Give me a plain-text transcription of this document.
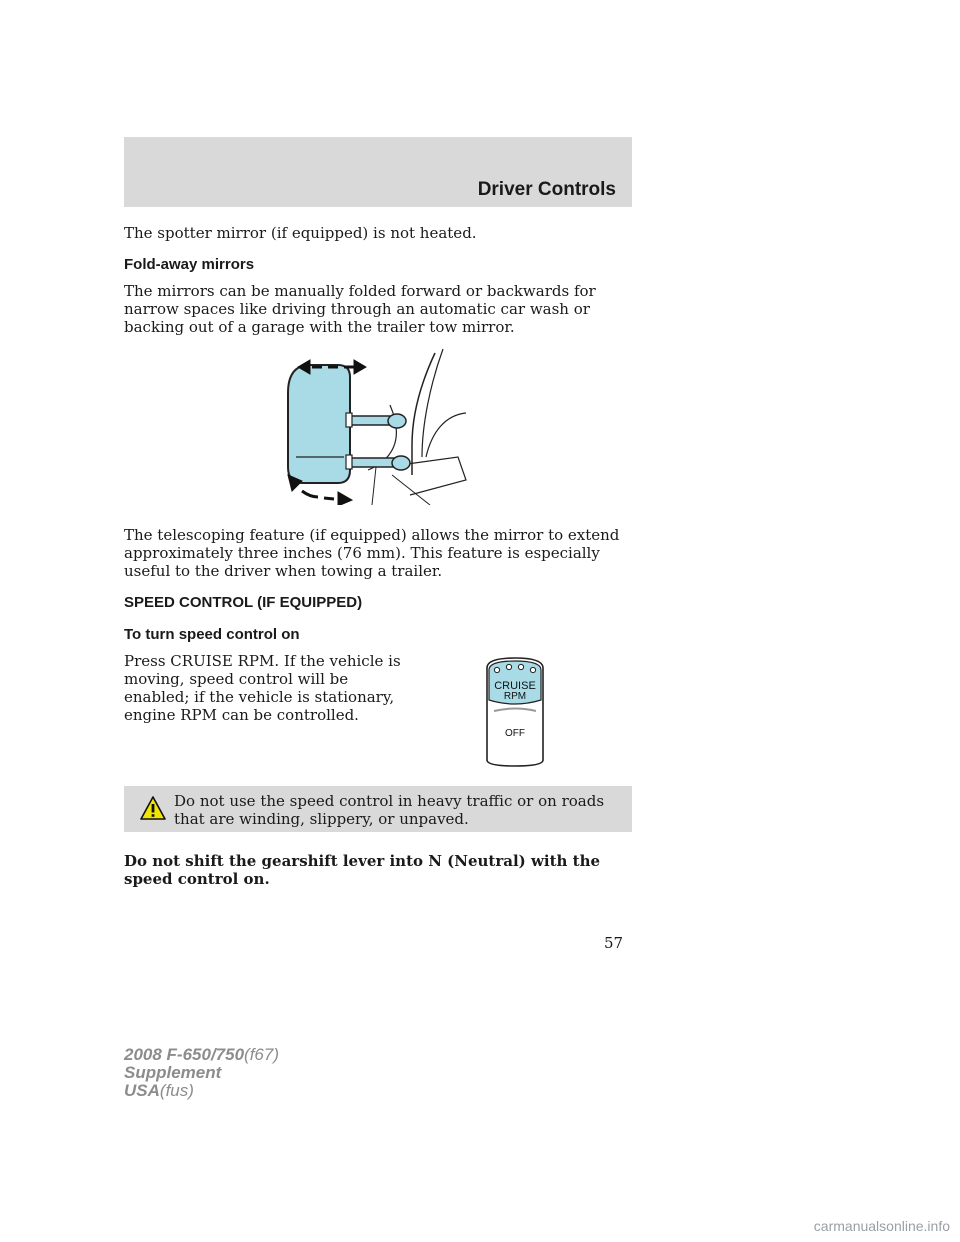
Driver Controls

The spotter mirror (if equipped) is not heated.

Fold-away mirrors

The mirrors can be manually folded forward or backwards for narrow spaces like driving through an automatic car wash or backing out of a garage with the trailer tow mirror.

The telescoping feature (if equipped) allows the mirror to extend approximately three inches (76 mm). This feature is especially useful to the driver when towing a trailer.

SPEED CONTROL (IF EQUIPPED)
To turn speed control on

Press CRUISE RPM. If the vehicle is moving, speed control will be enabled; if the vehicle is stationary, engine RPM can be controlled.

CRUISE
RPM
OFF
Do not use the speed control in heavy traffic or on roads that are winding, slippery, or unpaved.

Do not shift the gearshift lever into N (Neutral) with the speed control on.

57
2008 F-650/750(f67)
Supplement
USA(fus)
carmanualsonline.info
